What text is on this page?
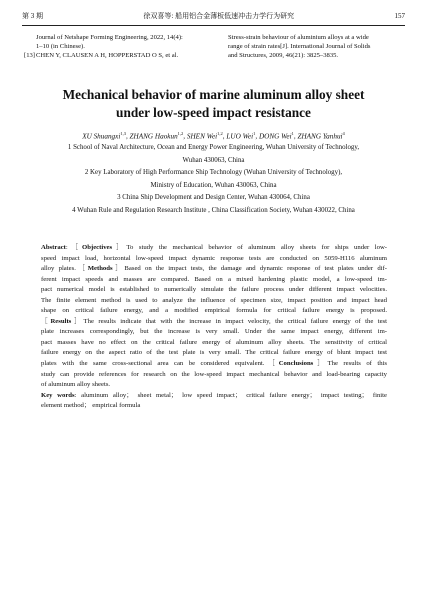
第 3 期	徐双喜等: 船用铝合金薄板低速冲击力学行为研究	157
Journal of Netshape Forming Engineering, 2022, 14(4):
1–10 (in Chinese).
[13] CHEN Y, CLAUSEN A H, HOPPERSTAD O S, et al.
Stress-strain behaviour of aluminium alloys at a wide
range of strain rates[J]. International Journal of Solids
and Structures, 2009, 46(21): 3825–3835.
Mechanical behavior of marine aluminum alloy sheet
under low-speed impact resistance
XU Shuangxi$^{1,3}$, ZHANG Haokun$^{1,2}$, SHEN Wei$^{1,2}$, LUO Wei$^1$, DONG Wei$^1$, ZHANG Yanhui$^4$
1 School of Naval Architecture, Ocean and Energy Power Engineering, Wuhan University of Technology,
Wuhan 430063, China
2 Key Laboratory of High Performance Ship Technology (Wuhan University of Technology),
Ministry of Education, Wuhan 430063, China
3 China Ship Development and Design Center, Wuhan 430064, China
4 Wuhan Rule and Regulation Research Institute , China Classification Society, Wuhan 430022, China
Abstract:［Objectives］To study the mechanical behavior of aluminum alloy sheets for ships under low-
speed impact load, horizontal low-speed impact dynamic response tests are conducted on 5059-H116 aluminum
alloy plates.［Methods］Based on the impact tests, the damage and dynamic response of test plates under dif-
ferent impact speeds and masses are compared. Based on a mixed hardening plastic model, a low-speed im-
pact numerical model is established to numerically simulate the failure process under different impact velocities.
The finite element method is used to analyze the influence of specimen size, impact position and impact head
shape on critical failure energy, and a modified empirical formula for critical failure energy is proposed.
［Results］The results indicate that with the increase in impact velocity, the critical failure energy of the test
plate increases correspondingly, but the increase is very small. Under the same impact energy, different im-
pact masses have no effect on the critical failure energy of aluminum alloy sheets. The sensitivity of critical
failure energy on the aspect ratio of the test plate is very small. The critical failure energy of blunt impact test
plates with the same cross-sectional area can be considered equivalent.［Conclusions］The results of this
study can provide references for research on the low-speed impact mechanical behavior and load-bearing capacity
of aluminum alloy sheets.
Key words: aluminum alloy； sheet metal； low speed impact； critical failure energy； impact testing； finite
element method； empirical formula
